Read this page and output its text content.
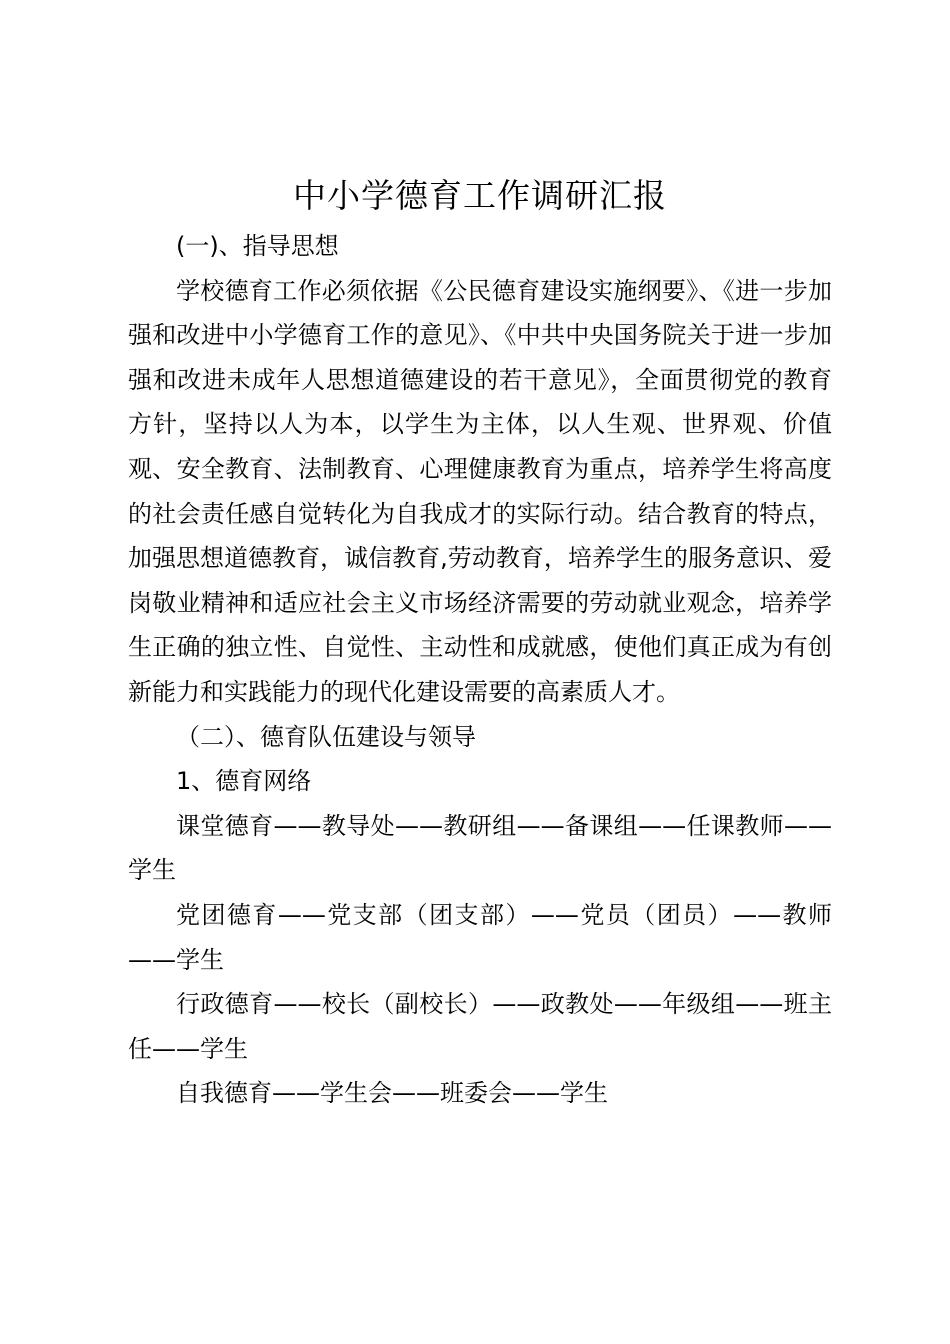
中小学德育工作调研汇报

(一)、指导思想

学校德育工作必须依据《公民德育建设实施纲要》、《进一步加强和改进中小学德育工作的意见》、《中共中央国务院关于进一步加强和改进未成年人思想道德建设的若干意见》，全面贯彻党的教育方针，坚持以人为本，以学生为主体，以人生观、世界观、价值观、安全教育、法制教育、心理健康教育为重点，培养学生将高度的社会责任感自觉转化为自我成才的实际行动。结合教育的特点，加强思想道德教育，诚信教育,劳动教育，培养学生的服务意识、爱岗敬业精神和适应社会主义市场经济需要的劳动就业观念，培养学生正确的独立性、自觉性、主动性和成就感，使他们真正成为有创新能力和实践能力的现代化建设需要的高素质人才。

（二）、德育队伍建设与领导

1、德育网络

课堂德育——教导处——教研组——备课组——任课教师——学生

党团德育——党支部（团支部）——党员（团员）——教师——学生

行政德育——校长（副校长）——政教处——年级组——班主任——学生

自我德育——学生会——班委会——学生
